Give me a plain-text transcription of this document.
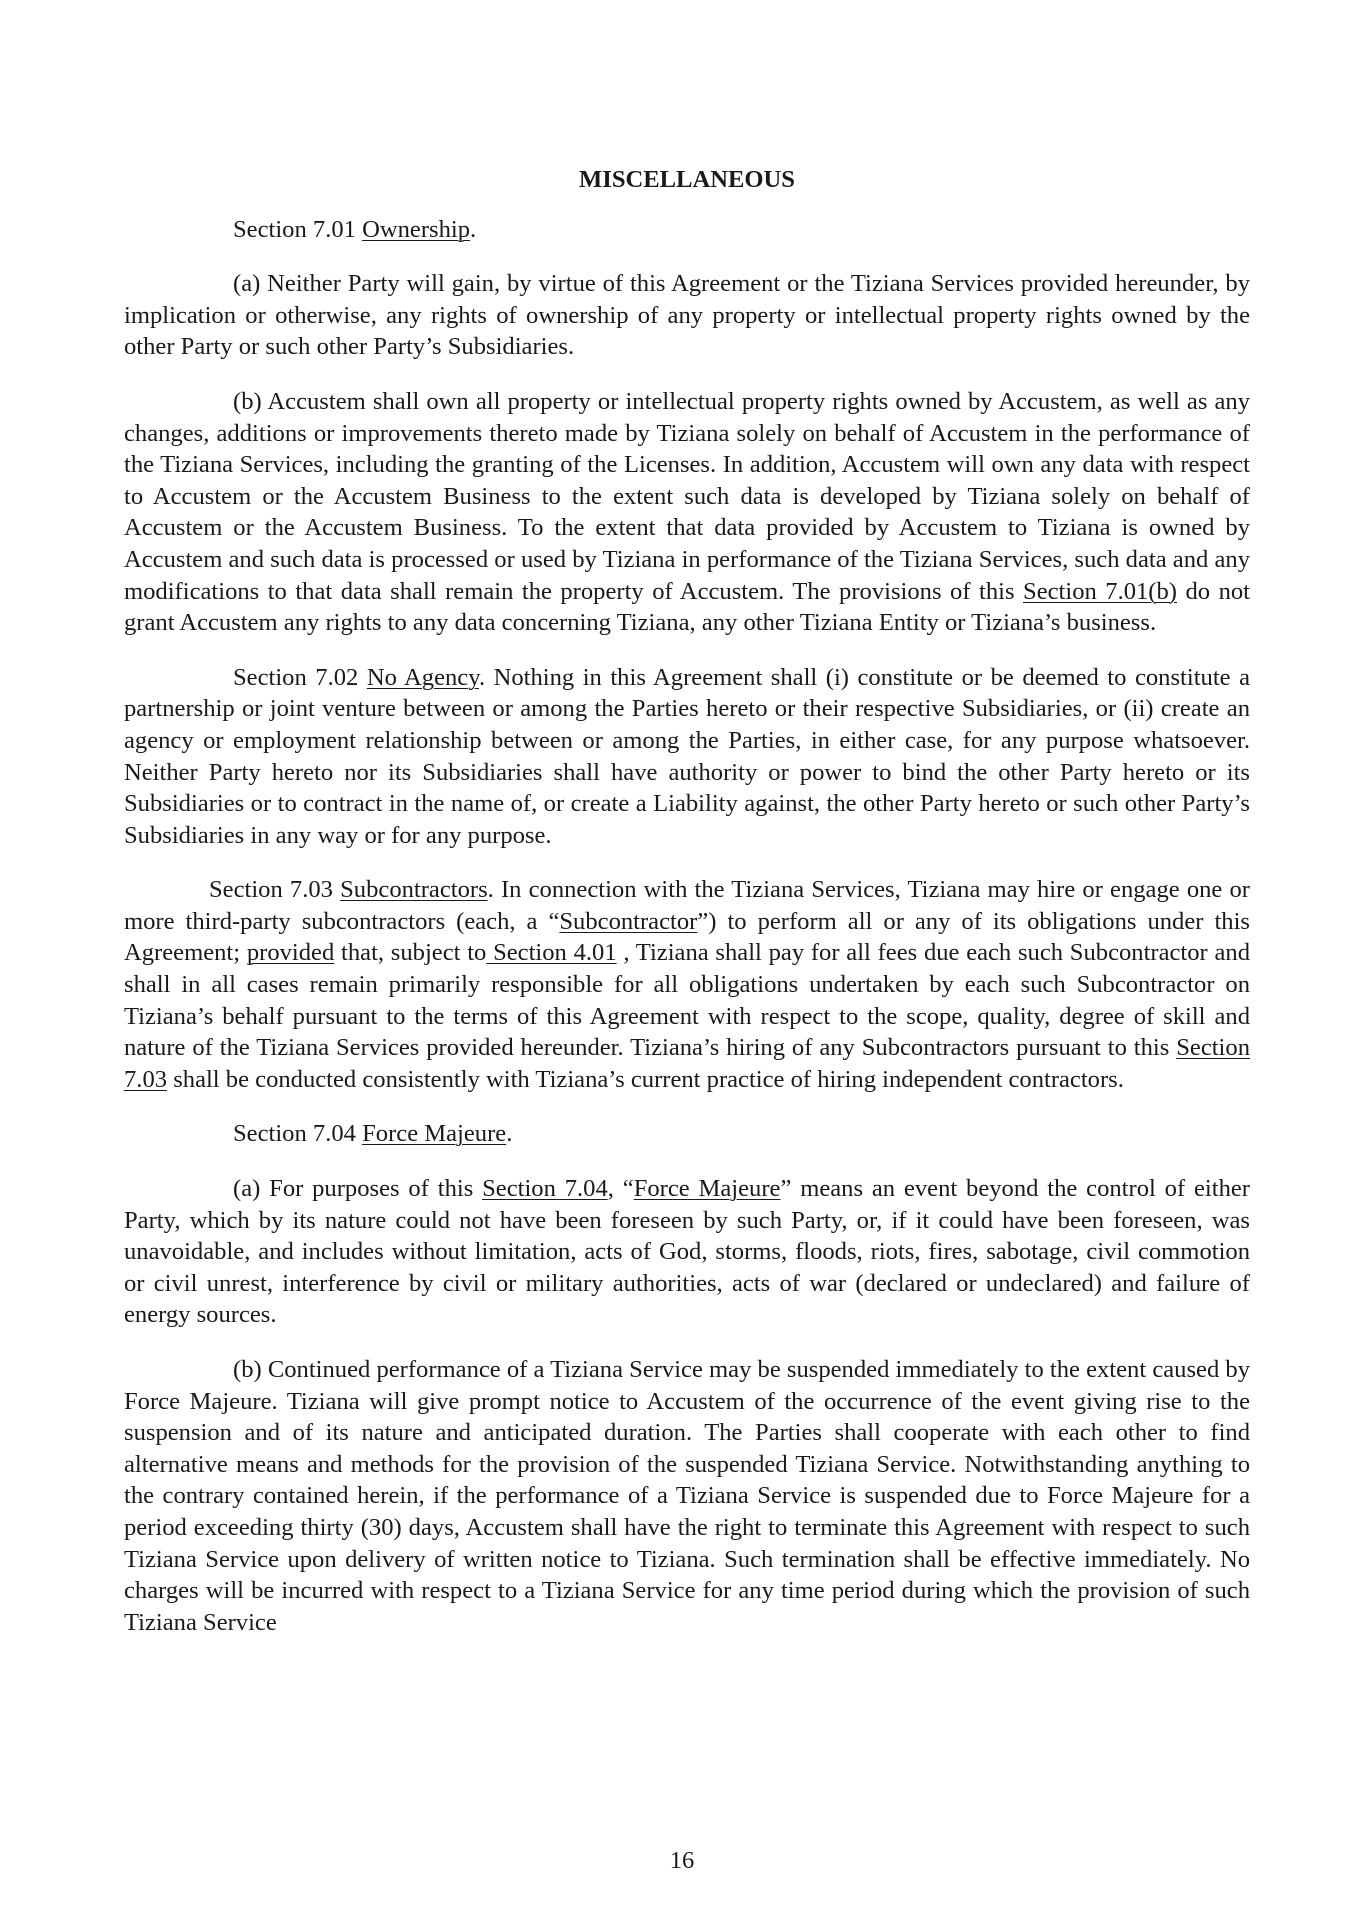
MISCELLANEOUS

Section 7.01 Ownership.

(a) Neither Party will gain, by virtue of this Agreement or the Tiziana Services provided hereunder, by implication or otherwise, any rights of ownership of any property or intellectual property rights owned by the other Party or such other Party’s Subsidiaries.

(b) Accustem shall own all property or intellectual property rights owned by Accustem, as well as any changes, additions or improvements thereto made by Tiziana solely on behalf of Accustem in the performance of the Tiziana Services, including the granting of the Licenses. In addition, Accustem will own any data with respect to Accustem or the Accustem Business to the extent such data is developed by Tiziana solely on behalf of Accustem or the Accustem Business. To the extent that data provided by Accustem to Tiziana is owned by Accustem and such data is processed or used by Tiziana in performance of the Tiziana Services, such data and any modifications to that data shall remain the property of Accustem. The provisions of this Section 7.01(b) do not grant Accustem any rights to any data concerning Tiziana, any other Tiziana Entity or Tiziana’s business.

Section 7.02 No Agency. Nothing in this Agreement shall (i) constitute or be deemed to constitute a partnership or joint venture between or among the Parties hereto or their respective Subsidiaries, or (ii) create an agency or employment relationship between or among the Parties, in either case, for any purpose whatsoever. Neither Party hereto nor its Subsidiaries shall have authority or power to bind the other Party hereto or its Subsidiaries or to contract in the name of, or create a Liability against, the other Party hereto or such other Party’s Subsidiaries in any way or for any purpose.

Section 7.03 Subcontractors. In connection with the Tiziana Services, Tiziana may hire or engage one or more third-party subcontractors (each, a “Subcontractor”) to perform all or any of its obligations under this Agreement; provided that, subject to Section 4.01 , Tiziana shall pay for all fees due each such Subcontractor and shall in all cases remain primarily responsible for all obligations undertaken by each such Subcontractor on Tiziana’s behalf pursuant to the terms of this Agreement with respect to the scope, quality, degree of skill and nature of the Tiziana Services provided hereunder. Tiziana’s hiring of any Subcontractors pursuant to this Section 7.03 shall be conducted consistently with Tiziana’s current practice of hiring independent contractors.

Section 7.04 Force Majeure.

(a) For purposes of this Section 7.04, “Force Majeure” means an event beyond the control of either Party, which by its nature could not have been foreseen by such Party, or, if it could have been foreseen, was unavoidable, and includes without limitation, acts of God, storms, floods, riots, fires, sabotage, civil commotion or civil unrest, interference by civil or military authorities, acts of war (declared or undeclared) and failure of energy sources.

(b) Continued performance of a Tiziana Service may be suspended immediately to the extent caused by Force Majeure. Tiziana will give prompt notice to Accustem of the occurrence of the event giving rise to the suspension and of its nature and anticipated duration. The Parties shall cooperate with each other to find alternative means and methods for the provision of the suspended Tiziana Service. Notwithstanding anything to the contrary contained herein, if the performance of a Tiziana Service is suspended due to Force Majeure for a period exceeding thirty (30) days, Accustem shall have the right to terminate this Agreement with respect to such Tiziana Service upon delivery of written notice to Tiziana. Such termination shall be effective immediately. No charges will be incurred with respect to a Tiziana Service for any time period during which the provision of such Tiziana Service

16
